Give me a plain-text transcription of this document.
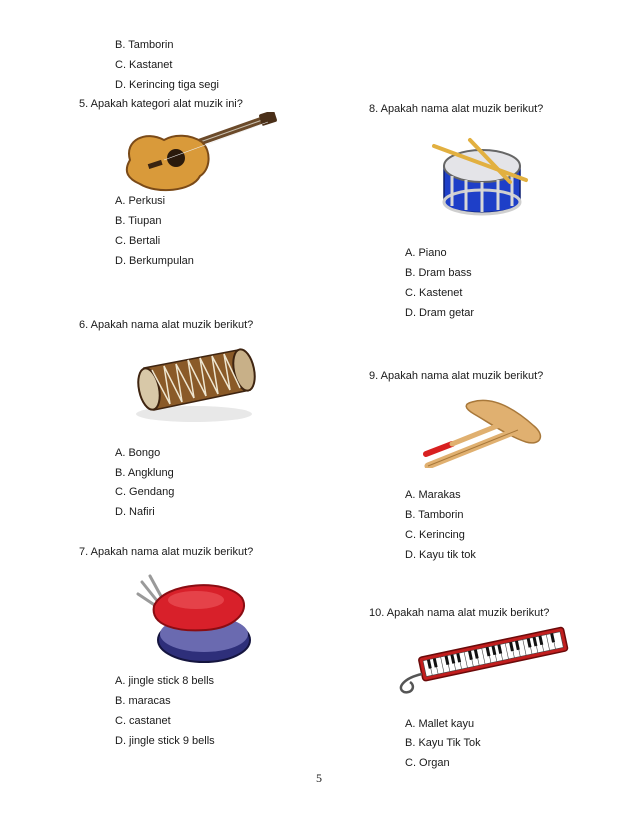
B. Tamborin
C. Kastanet
D. Kerincing tiga segi
5. Apakah kategori alat muzik ini?
A. Perkusi
B. Tiupan
C. Bertali
D. Berkumpulan
6. Apakah nama alat muzik berikut?
A. Bongo
B. Angklung
C. Gendang
D. Nafiri
7. Apakah nama alat muzik berikut?
A. jingle stick 8 bells
B. maracas
C. castanet
D. jingle stick 9 bells
8. Apakah nama alat muzik berikut?
A. Piano
B. Dram bass
C. Kastenet
D. Dram getar
9. Apakah nama alat muzik berikut?
A. Marakas
B. Tamborin
C. Kerincing
D. Kayu tik tok
10. Apakah nama alat muzik berikut?
A. Mallet kayu
B. Kayu Tik Tok
C. Organ
5
